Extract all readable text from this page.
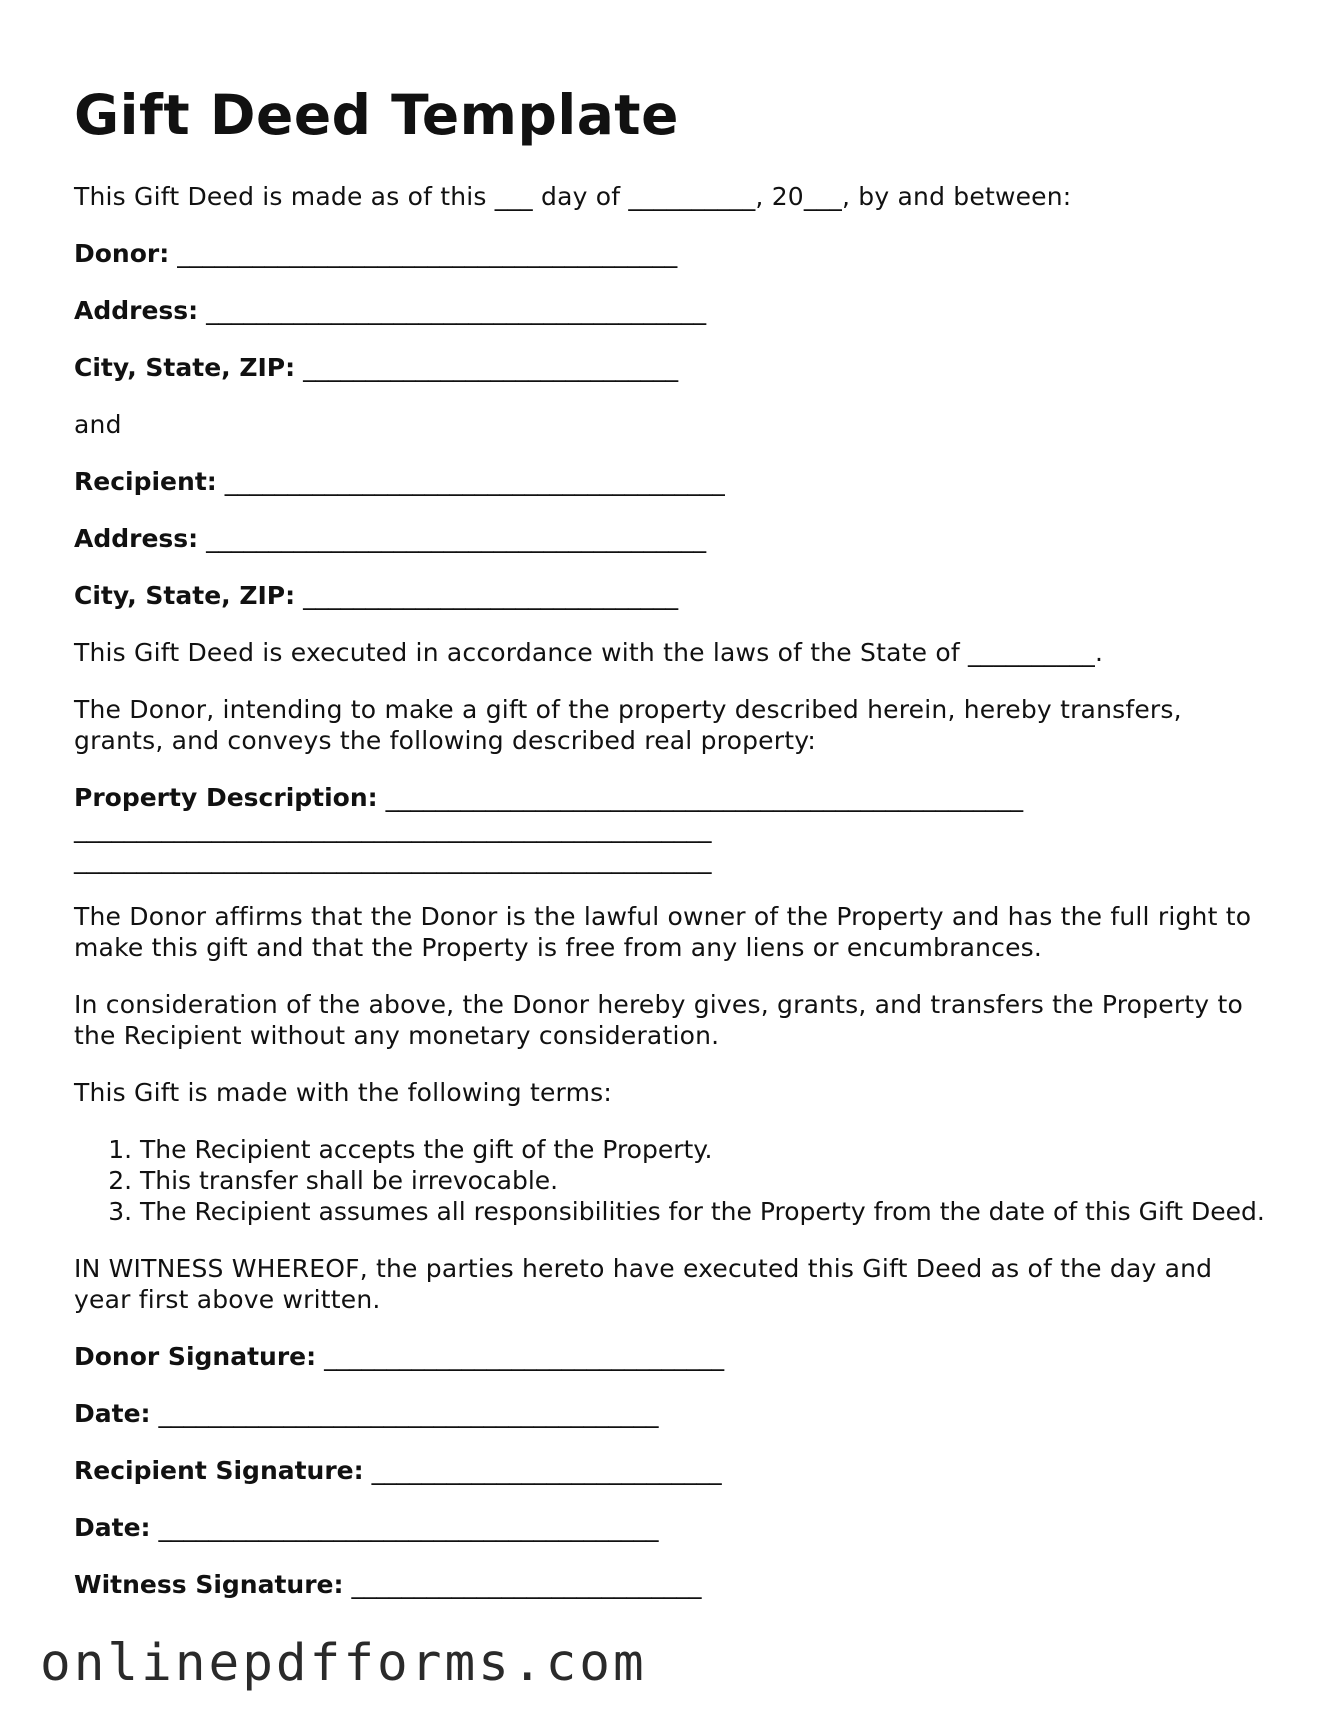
Gift Deed Template

This Gift Deed is made as of this ___ day of __________, 20___, by and between:

Donor: ________________________________________
Address: ________________________________________
City, State, ZIP: ______________________________

and

Recipient: ________________________________________
Address: ________________________________________
City, State, ZIP: ______________________________

This Gift Deed is executed in accordance with the laws of the State of __________.

The Donor, intending to make a gift of the property described herein, hereby transfers, grants, and conveys the following described real property:

Property Description: ___________________________________________________
___________________________________________________
___________________________________________________

The Donor affirms that the Donor is the lawful owner of the Property and has the full right to make this gift and that the Property is free from any liens or encumbrances.

In consideration of the above, the Donor hereby gives, grants, and transfers the Property to the Recipient without any monetary consideration.

This Gift is made with the following terms:

1. The Recipient accepts the gift of the Property.
2. This transfer shall be irrevocable.
3. The Recipient assumes all responsibilities for the Property from the date of this Gift Deed.

IN WITNESS WHEREOF, the parties hereto have executed this Gift Deed as of the day and year first above written.

Donor Signature: ________________________________
Date: ________________________________________
Recipient Signature: ____________________________
Date: ________________________________________
Witness Signature: ____________________________
onlinepdfforms.com
